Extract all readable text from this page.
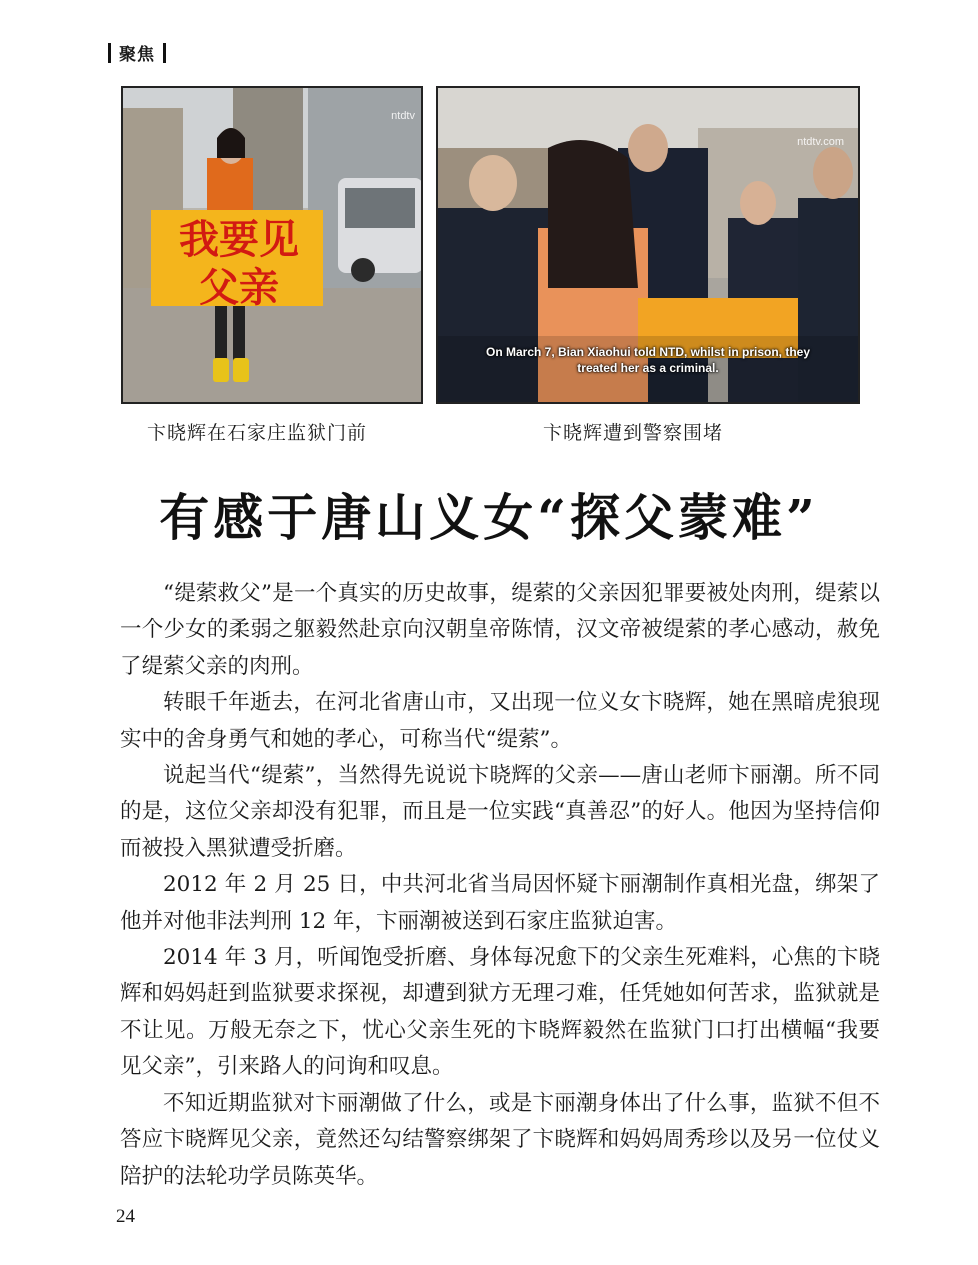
聚焦
我要见
父亲
ntdtv
ntdtv.com
On March 7, Bian Xiaohui told NTD, whilst in prison, they
treated her as a criminal.
卞晓辉在石家庄监狱门前	卞晓辉遭到警察围堵
有感于唐山义女“探父蒙难”

“缇萦救父”是一个真实的历史故事，缇萦的父亲因犯罪要被处肉刑，缇萦以一个少女的柔弱之躯毅然赴京向汉朝皇帝陈情，汉文帝被缇萦的孝心感动，赦免了缇萦父亲的肉刑。

转眼千年逝去，在河北省唐山市，又出现一位义女卞晓辉，她在黑暗虎狼现实中的舍身勇气和她的孝心，可称当代“缇萦”。

说起当代“缇萦”，当然得先说说卞晓辉的父亲——唐山老师卞丽潮。所不同的是，这位父亲却没有犯罪，而且是一位实践“真善忍”的好人。他因为坚持信仰而被投入黑狱遭受折磨。

2012 年 2 月 25 日，中共河北省当局因怀疑卞丽潮制作真相光盘，绑架了他并对他非法判刑 12 年，卞丽潮被送到石家庄监狱迫害。

2014 年 3 月，听闻饱受折磨、身体每况愈下的父亲生死难料，心焦的卞晓辉和妈妈赶到监狱要求探视，却遭到狱方无理刁难，任凭她如何苦求，监狱就是不让见。万般无奈之下，忧心父亲生死的卞晓辉毅然在监狱门口打出横幅“我要见父亲”，引来路人的问询和叹息。

不知近期监狱对卞丽潮做了什么，或是卞丽潮身体出了什么事，监狱不但不答应卞晓辉见父亲，竟然还勾结警察绑架了卞晓辉和妈妈周秀珍以及另一位仗义陪护的法轮功学员陈英华。

24
